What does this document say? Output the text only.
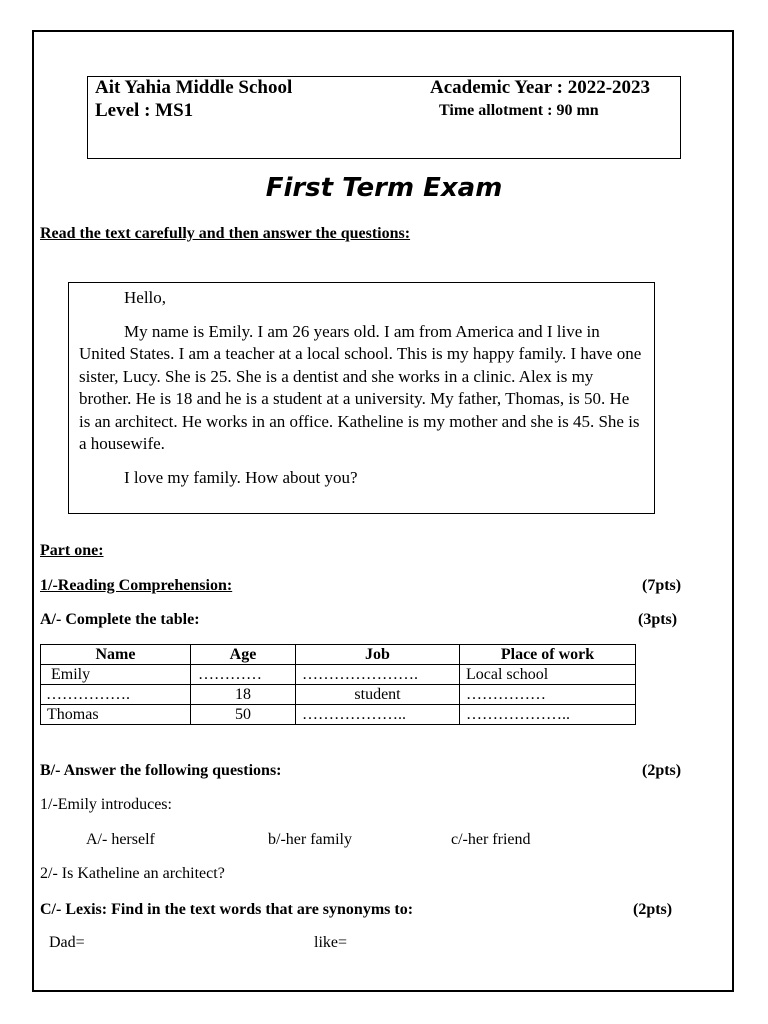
Ait Yahia Middle School
Level : MS1
Academic Year : 2022-2023
Time allotment : 90 mn
First Term Exam
Read the text carefully and then answer the questions:

Hello,

My name is Emily. I am 26 years old. I am from America and I live in United States. I am a teacher at a local school. This is my happy family. I have one sister, Lucy. She is 25. She is a dentist and she works in a clinic. Alex is my brother. He is 18 and he is a student at a university. My father, Thomas, is 50. He is an architect. He works in an office. Katheline is my mother and she is 45. She is a housewife.

I love my family. How about you?

Part one:
1/-Reading Comprehension:	(7pts)
A/- Complete the table:	(3pts)
Name	Age	Job	Place of work
Emily	…………	………………….	Local school
…………….	18	student	……………
Thomas	50	………………..	………………..
B/- Answer the following questions:	(2pts)
1/-Emily introduces:
A/- herself	b/-her family	c/-her friend
2/- Is Katheline an architect?
C/- Lexis: Find in the text words that are synonyms to:	(2pts)
Dad=	like=
